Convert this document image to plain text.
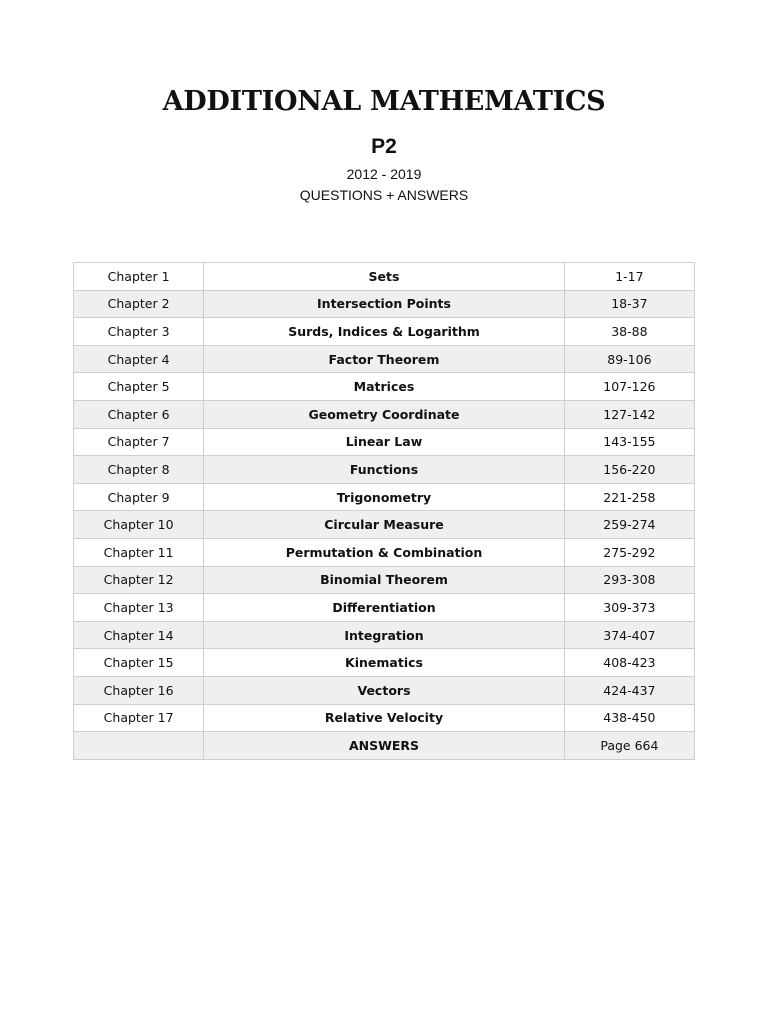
ADDITIONAL MATHEMATICS
P2
2012 - 2019
QUESTIONS + ANSWERS
Chapter 1	Sets	1-17
Chapter 2	Intersection Points	18-37
Chapter 3	Surds, Indices & Logarithm	38-88
Chapter 4	Factor Theorem	89-106
Chapter 5	Matrices	107-126
Chapter 6	Geometry Coordinate	127-142
Chapter 7	Linear Law	143-155
Chapter 8	Functions	156-220
Chapter 9	Trigonometry	221-258
Chapter 10	Circular Measure	259-274
Chapter 11	Permutation & Combination	275-292
Chapter 12	Binomial Theorem	293-308
Chapter 13	Differentiation	309-373
Chapter 14	Integration	374-407
Chapter 15	Kinematics	408-423
Chapter 16	Vectors	424-437
Chapter 17	Relative Velocity	438-450
	ANSWERS	Page 664
